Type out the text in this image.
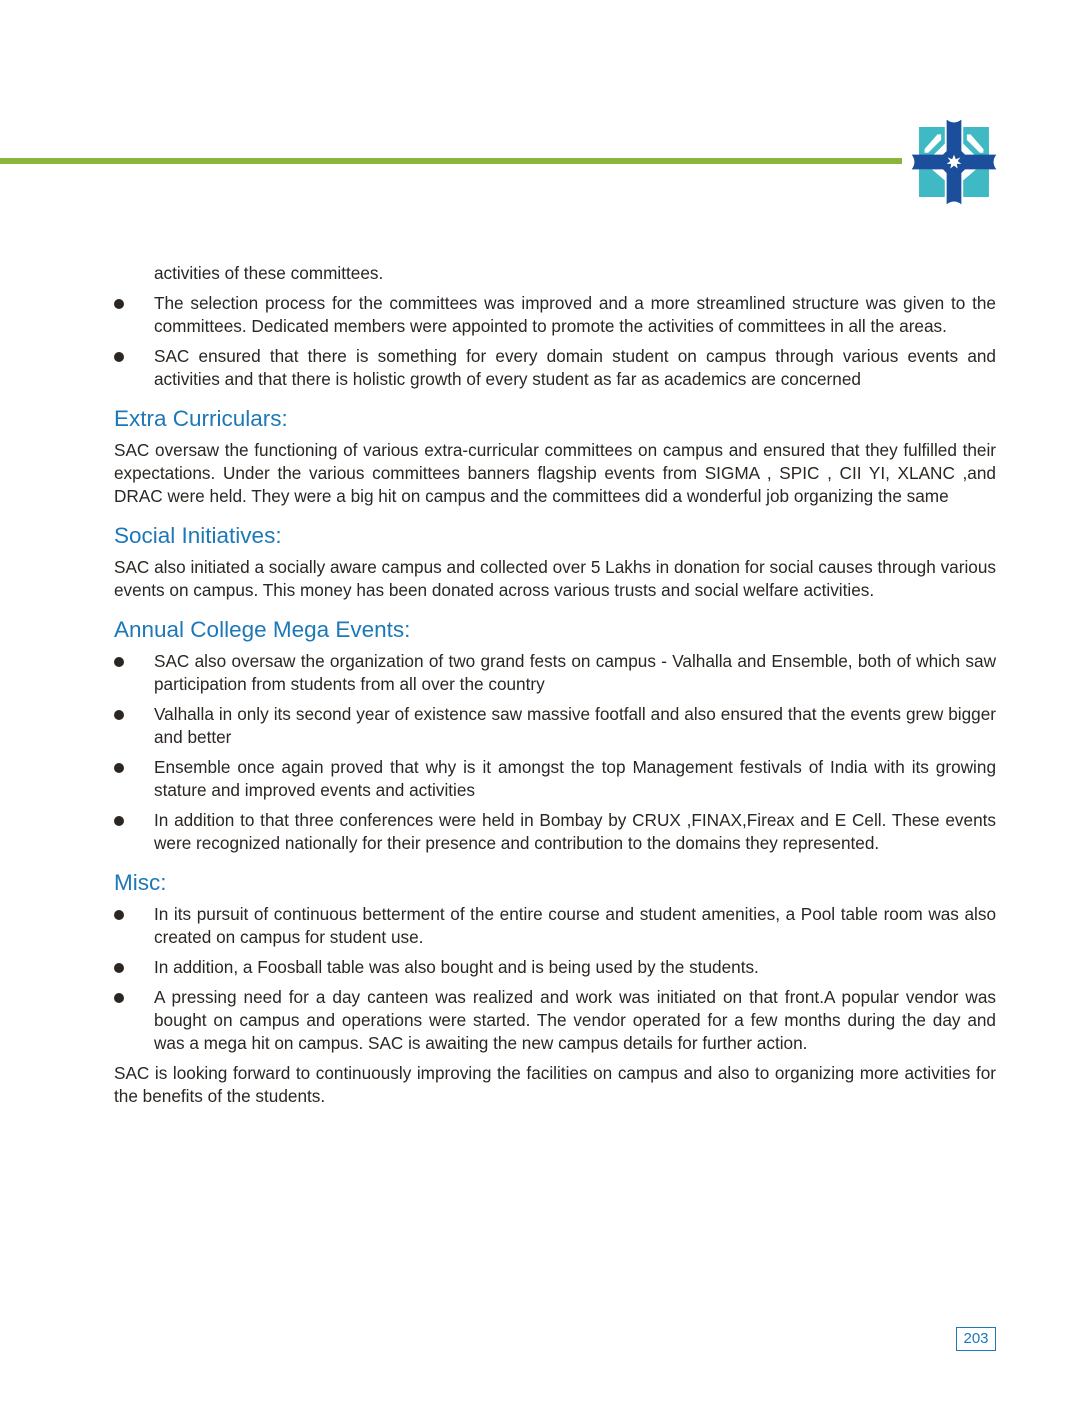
activities of these committees.

The selection process for the committees was improved and a more streamlined structure was given to the committees. Dedicated members were appointed to promote the activities of committees in all the areas.
SAC ensured that there is something for every domain student on campus through various events and activities and that there is holistic growth of every student as far as academics are concerned
Extra Curriculars:

SAC oversaw the functioning of various extra-curricular committees on campus and ensured that they fulfilled their expectations. Under the various committees banners flagship events from SIGMA , SPIC , CII YI, XLANC ,and DRAC were held. They were a big hit on campus and the committees did a wonderful job organizing the same

Social Initiatives:

SAC also initiated a socially aware campus and collected over 5 Lakhs in donation for social causes through various events on campus. This money has been donated across various trusts and social welfare activities.

Annual College Mega Events:
SAC also oversaw the organization of two grand fests on campus - Valhalla and Ensemble, both of which saw participation from students from all over the country
Valhalla in only its second year of existence saw massive footfall and also ensured that the events grew bigger and better
Ensemble once again proved that why is it amongst the top Management festivals of India with its growing stature and improved events and activities
In addition to that three conferences were held in Bombay by CRUX ,FINAX,Fireax and E Cell. These events were recognized nationally for their presence and contribution to the domains they represented.
Misc:
In its pursuit of continuous betterment of the entire course and student amenities, a Pool table room was also created on campus for student use.
In addition, a Foosball table was also bought and is being used by the students.
A pressing need for a day canteen was realized and work was initiated on that front.A popular vendor was bought on campus and operations were started. The vendor operated for a few months during the day and was a mega hit on campus. SAC is awaiting the new campus details for further action.

SAC is looking forward to continuously improving the facilities on campus and also to organizing more activities for the benefits of the students.

203
